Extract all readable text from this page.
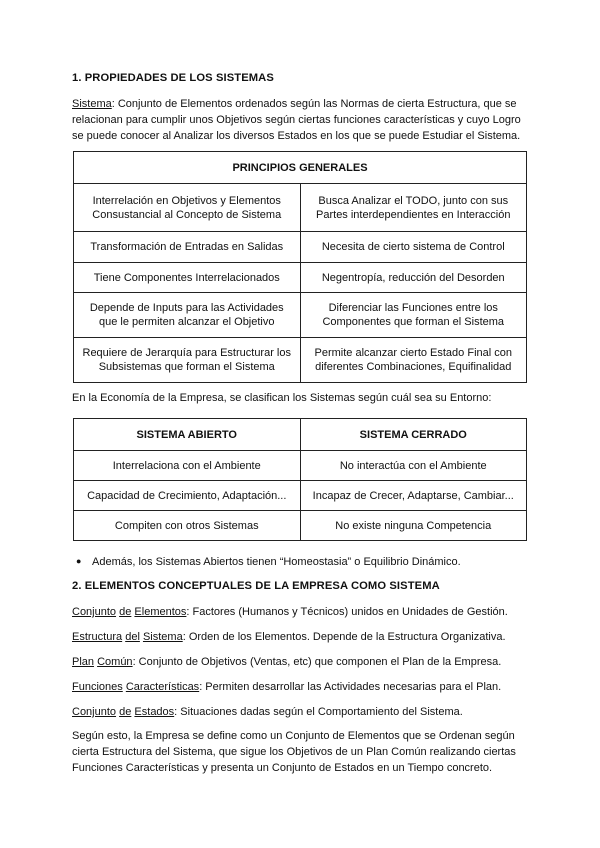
1. PROPIEDADES DE LOS SISTEMAS
Sistema: Conjunto de Elementos ordenados según las Normas de cierta Estructura, que se relacionan para cumplir unos Objetivos según ciertas funciones características y cuyo Logro se puede conocer al Analizar los diversos Estados en los que se puede Estudiar el Sistema.
PRINCIPIOS GENERALES	
Interrelación en Objetivos y Elementos Consustancial al Concepto de Sistema	Busca Analizar el TODO, junto con sus Partes interdependientes en Interacción
Transformación de Entradas en Salidas	Necesita de cierto sistema de Control
Tiene Componentes Interrelacionados	Negentropía, reducción del Desorden
Depende de Inputs para las Actividades que le permiten alcanzar el Objetivo	Diferenciar las Funciones entre los Componentes que forman el Sistema
Requiere de Jerarquía para Estructurar los Subsistemas que forman el Sistema	Permite alcanzar cierto Estado Final con diferentes Combinaciones, Equifinalidad
En la Economía de la Empresa, se clasifican los Sistemas según cuál sea su Entorno:
SISTEMA ABIERTO	SISTEMA CERRADO
Interrelaciona con el Ambiente	No interactúa con el Ambiente
Capacidad de Crecimiento, Adaptación...	Incapaz de Crecer, Adaptarse, Cambiar...
Compiten con otros Sistemas	No existe ninguna Competencia
● Además, los Sistemas Abiertos tienen “Homeostasia” o Equilibrio Dinámico.
2. ELEMENTOS CONCEPTUALES DE LA EMPRESA COMO SISTEMA
Conjunto de Elementos: Factores (Humanos y Técnicos) unidos en Unidades de Gestión.
Estructura del Sistema: Orden de los Elementos. Depende de la Estructura Organizativa.
Plan Común: Conjunto de Objetivos (Ventas, etc) que componen el Plan de la Empresa.
Funciones Características: Permiten desarrollar las Actividades necesarias para el Plan.
Conjunto de Estados: Situaciones dadas según el Comportamiento del Sistema.
Según esto, la Empresa se define como un Conjunto de Elementos que se Ordenan según cierta Estructura del Sistema, que sigue los Objetivos de un Plan Común realizando ciertas Funciones Características y presenta un Conjunto de Estados en un Tiempo concreto.
